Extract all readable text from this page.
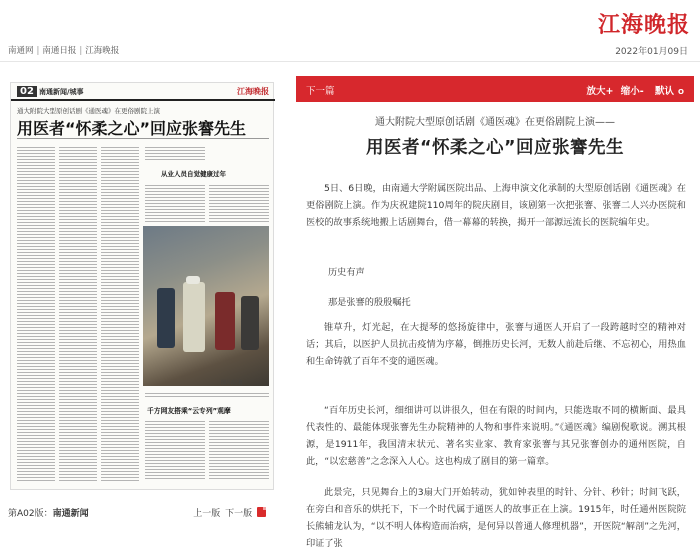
南通网 | 南通日报 | 江海晚报
江海晚报
2022年01月09日
02 南通新闻/城事	江海晚报
通大附院大型原创话剧《通医魂》在更俗剧院上演
用医者“怀柔之心”回应张謇先生
从业人员自觉健康过年
图片/记者
千方网友搭乘“云专列”观摩
第A02版：南通新闻	上一版 下一版
下一篇	放大+ 缩小- 默认 O
通大附院大型原创话剧《通医魂》在更俗剧院上演——
用医者“怀柔之心”回应张謇先生

5日、6日晚，由南通大学附属医院出品、上海申演文化承制的大型原创话剧《通医魂》在更俗剧院上演。作为庆祝建院110周年的院庆剧目，该剧第一次把张謇、张謇二人兴办医院和医校的故事系统地搬上话剧舞台，借一幕幕的转换，揭开一部源远流长的医院编年史。

历史有声
那是张謇的殷殷嘱托

锥草升，灯光起，在大提琴的悠扬旋律中，张謇与通医人开启了一段跨越时空的精神对话；其后，以医护人员抗击疫情为序幕，倒推历史长河，无数人前赴后继、不忘初心，用热血和生命铸就了百年不变的通医魂。

“百年历史长河，细细讲可以讲很久，但在有限的时间内，只能选取不同的横断面、最具代表性的、最能体现张謇先生办院精神的人物和事件来说明。”《通医魂》编剧倪歌说。溯其根源，是1911年，我国清末状元、著名实业家、教育家张謇与其兄张謇创办的通州医院，自此，“以宏慈善”之念深入人心。这也构成了剧目的第一篇章。

此景完，只见舞台上的3扇大门开始转动，犹如钟表里的时针、分针、秒针；时间飞跃，在旁白和音乐的烘托下，下一个时代属于通医人的故事正在上演。1915年，时任通州医院院长熊辅龙认为，“以不明人体构造而治病，是何异以普通人修理机器”，开医院“解剖”之先河，印证了张
